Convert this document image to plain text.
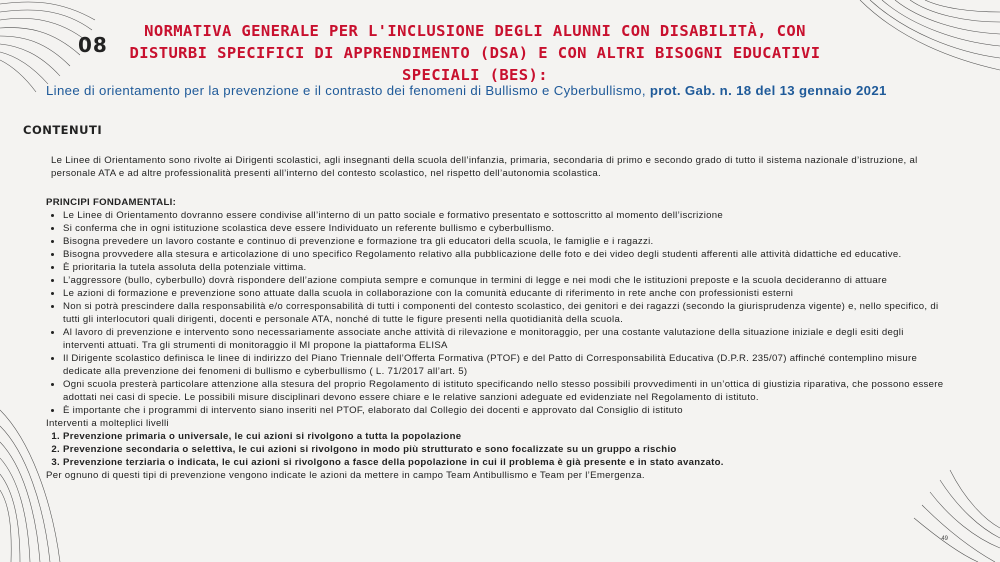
08
NORMATIVA GENERALE PER L'INCLUSIONE DEGLI ALUNNI CON DISABILITÀ, CON DISTURBI SPECIFICI DI APPRENDIMENTO (DSA) E CON ALTRI BISOGNI EDUCATIVI SPECIALI (BES):
Linee di orientamento per la prevenzione e il contrasto dei fenomeni di Bullismo e Cyberbullismo, prot. Gab. n. 18 del 13 gennaio 2021
CONTENUTI
Le Linee di Orientamento sono rivolte ai Dirigenti scolastici, agli insegnanti della scuola dell’infanzia, primaria, secondaria di primo e secondo grado di tutto il sistema nazionale d’istruzione, al personale ATA e ad altre professionalità presenti all’interno del contesto scolastico, nel rispetto dell’autonomia scolastica.
PRINCIPI FONDAMENTALI:
• Le Linee di Orientamento dovranno essere condivise all’interno di un patto sociale e formativo presentato e sottoscritto al momento dell’iscrizione
• Si conferma che in ogni istituzione scolastica deve essere Individuato un referente bullismo e cyberbullismo.
• Bisogna prevedere un lavoro costante e continuo di prevenzione e formazione tra gli educatori della scuola, le famiglie e i ragazzi.
• Bisogna provvedere alla stesura e articolazione di uno specifico Regolamento relativo alla pubblicazione delle foto e dei video degli studenti afferenti alle attività didattiche ed educative.
• È prioritaria la tutela assoluta della potenziale vittima.
• L’aggressore (bullo, cyberbullo) dovrà rispondere dell’azione compiuta sempre e comunque in termini di legge e nei modi che le istituzioni preposte e la scuola decideranno di attuare
• Le azioni di formazione e prevenzione sono attuate dalla scuola in collaborazione con la comunità educante di riferimento in rete anche con professionisti esterni
• Non si potrà prescindere dalla responsabilità e/o corresponsabilità di tutti i componenti del contesto scolastico, dei genitori e dei ragazzi (secondo la giurisprudenza vigente) e, nello specifico, di tutti gli interlocutori quali dirigenti, docenti e personale ATA, nonché di tutte le figure presenti nella quotidianità della scuola.
• Al lavoro di prevenzione e intervento sono necessariamente associate anche attività di rilevazione e monitoraggio, per una costante valutazione della situazione iniziale e degli esiti degli interventi attuati. Tra gli strumenti di monitoraggio il MI propone la piattaforma ELISA
• Il Dirigente scolastico definisca le linee di indirizzo del Piano Triennale dell’Offerta Formativa (PTOF) e del Patto di Corresponsabilità Educativa (D.P.R. 235/07) affinché contemplino misure dedicate alla prevenzione dei fenomeni di bullismo e cyberbullismo ( L. 71/2017 all’art. 5)
• Ogni scuola presterà particolare attenzione alla stesura del proprio Regolamento di istituto specificando nello stesso possibili provvedimenti in un’ottica di giustizia riparativa, che possono essere adottati nei casi di specie. Le possibili misure disciplinari devono essere chiare e le relative sanzioni adeguate ed evidenziate nel Regolamento di istituto.
• È importante che i programmi di intervento siano inseriti nel PTOF, elaborato dal Collegio dei docenti e approvato dal Consiglio di istituto
Interventi a molteplici livelli
1. Prevenzione primaria o universale, le cui azioni si rivolgono a tutta la popolazione
2. Prevenzione secondaria o selettiva, le cui azioni si rivolgono in modo più strutturato e sono focalizzate su un gruppo a rischio
3. Prevenzione terziaria o indicata, le cui azioni si rivolgono a fasce della popolazione in cui il problema è già presente e in stato avanzato.
Per ognuno di questi tipi di prevenzione vengono indicate le azioni da mettere in campo Team Antibullismo e Team per l’Emergenza.
49
